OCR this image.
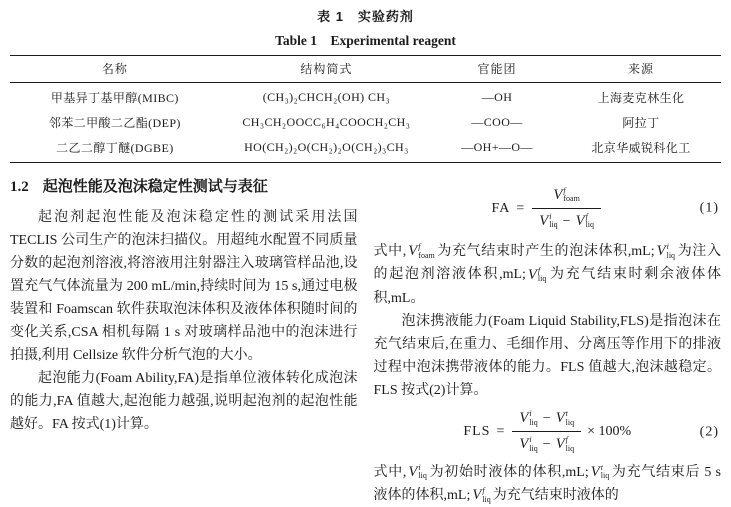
表 1　实验药剂
Table 1　Experimental reagent
名称	结构简式	官能团	来源
甲基异丁基甲醇(MIBC)	(CH₃)₂CHCH₂(OH) CH₃	—OH	上海麦克林生化
邻苯二甲酸二乙酯(DEP)	CH₃CH₂OOCC₆H₄COOCH₂CH₃	—COO—	阿拉丁
二乙二醇丁醚(DGBE)	HO(CH₂)₂O(CH₂)₂O(CH₂)₃CH₃	—OH+—O—	北京华威锐科化工
1.2 起泡性能及泡沫稳定性测试与表征

起泡剂起泡性能及泡沫稳定性的测试采用法国 TECLIS 公司生产的泡沫扫描仪。用超纯水配置不同质量分数的起泡剂溶液,将溶液用注射器注入玻璃管样品池,设置充气气体流量为 200 mL/min,持续时间为 15 s,通过电极装置和 Foamscan 软件获取泡沫体积及液体体积随时间的变化关系,CSA 相机每隔 1 s 对玻璃样品池中的泡沫进行拍摄,利用 Cellsize 软件分析气泡的大小。

起泡能力(Foam Ability,FA)是指单位液体转化成泡沫的能力,FA 值越大,起泡能力越强,说明起泡剂的起泡性能越好。FA 按式(1)计算。

FA = V f
foam
V i
liq − V f
liq	(1)

式中, V f
foam 为充气结束时产生的泡沫体积,mL; V i
liq 为注入的起泡剂溶液体积,mL; V f
liq 为充气结束时剩余液体体积,mL。

泡沫携液能力(Foam Liquid Stability,FLS)是指泡沫在充气结束后,在重力、毛细作用、分离压等作用下的排液过程中泡沫携带液体的能力。FLS 值越大,泡沫越稳定。FLS 按式(2)计算。

FLS = V i
liq − V t
liq
V i
liq − V f
liq × 100%	(2)

式中, V i
liq 为初始时液体的体积,mL; V t
liq 为充气结束后 5 s 液体的体积,mL; V f
liq 为充气结束时液体的
